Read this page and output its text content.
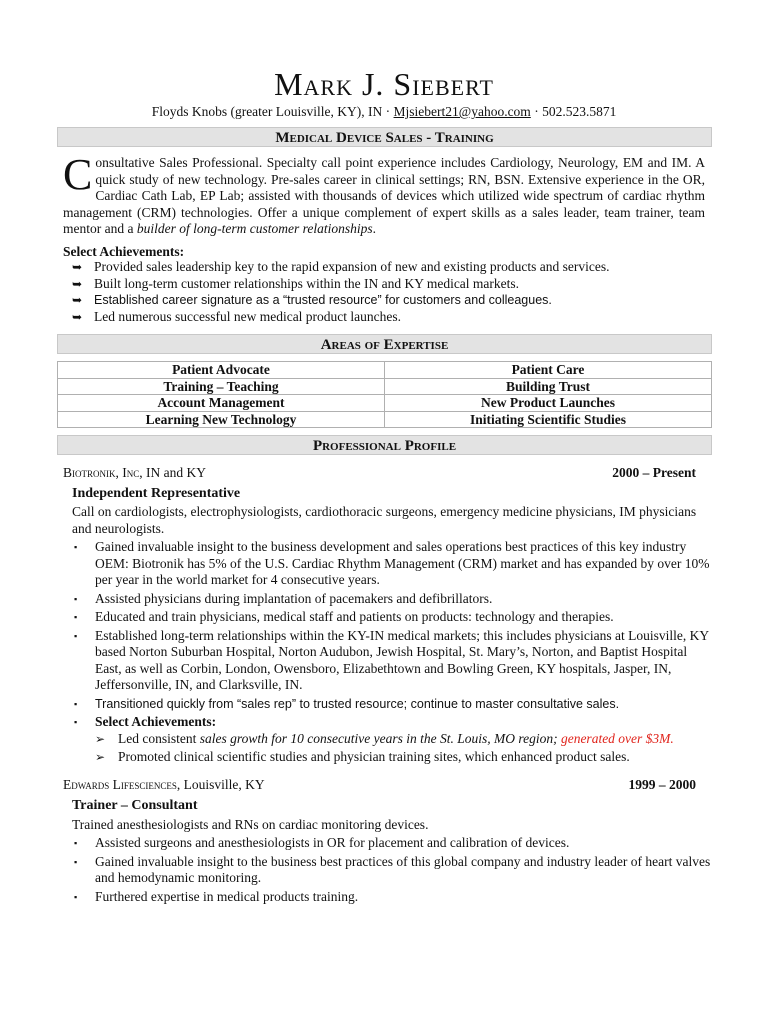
Mark J. Siebert
Floyds Knobs (greater Louisville, KY), IN · Mjsiebert21@yahoo.com · 502.523.5871
Medical Device Sales - Training
Consultative Sales Professional. Specialty call point experience includes Cardiology, Neurology, EM and IM. A quick study of new technology. Pre-sales career in clinical settings; RN, BSN. Extensive experience in the OR, Cardiac Cath Lab, EP Lab; assisted with thousands of devices which utilized wide spectrum of cardiac rhythm management (CRM) technologies. Offer a unique complement of expert skills as a sales leader, team trainer, team mentor and a builder of long-term customer relationships.
Select Achievements:
➥ Provided sales leadership key to the rapid expansion of new and existing products and services.
➥ Built long-term customer relationships within the IN and KY medical markets.
➥ Established career signature as a “trusted resource” for customers and colleagues.
➥ Led numerous successful new medical product launches.
Areas of Expertise
Patient Advocate	Patient Care
Training – Teaching	Building Trust
Account Management	New Product Launches
Learning New Technology	Initiating Scientific Studies
Professional Profile
Biotronik, Inc, IN and KY	2000 – Present
Independent Representative
Call on cardiologists, electrophysiologists, cardiothoracic surgeons, emergency medicine physicians, IM physicians and neurologists.
▪ Gained invaluable insight to the business development and sales operations best practices of this key industry OEM: Biotronik has 5% of the U.S. Cardiac Rhythm Management (CRM) market and has expanded by over 10% per year in the world market for 4 consecutive years.
▪ Assisted physicians during implantation of pacemakers and defibrillators.
▪ Educated and train physicians, medical staff and patients on products: technology and therapies.
▪ Established long-term relationships within the KY-IN medical markets; this includes physicians at Louisville, KY based Norton Suburban Hospital, Norton Audubon, Jewish Hospital, St. Mary’s, Norton, and Baptist Hospital East, as well as Corbin, London, Owensboro, Elizabethtown and Bowling Green, KY hospitals, Jasper, IN, Jeffersonville, IN, and Clarksville, IN.
▪ Transitioned quickly from “sales rep” to trusted resource; continue to master consultative sales.
▪ Select Achievements:
➢ Led consistent sales growth for 10 consecutive years in the St. Louis, MO region; generated over $3M.
➢ Promoted clinical scientific studies and physician training sites, which enhanced product sales.
Edwards Lifesciences, Louisville, KY	1999 – 2000
Trainer – Consultant
Trained anesthesiologists and RNs on cardiac monitoring devices.
▪ Assisted surgeons and anesthesiologists in OR for placement and calibration of devices.
▪ Gained invaluable insight to the business best practices of this global company and industry leader of heart valves and hemodynamic monitoring.
▪ Furthered expertise in medical products training.
